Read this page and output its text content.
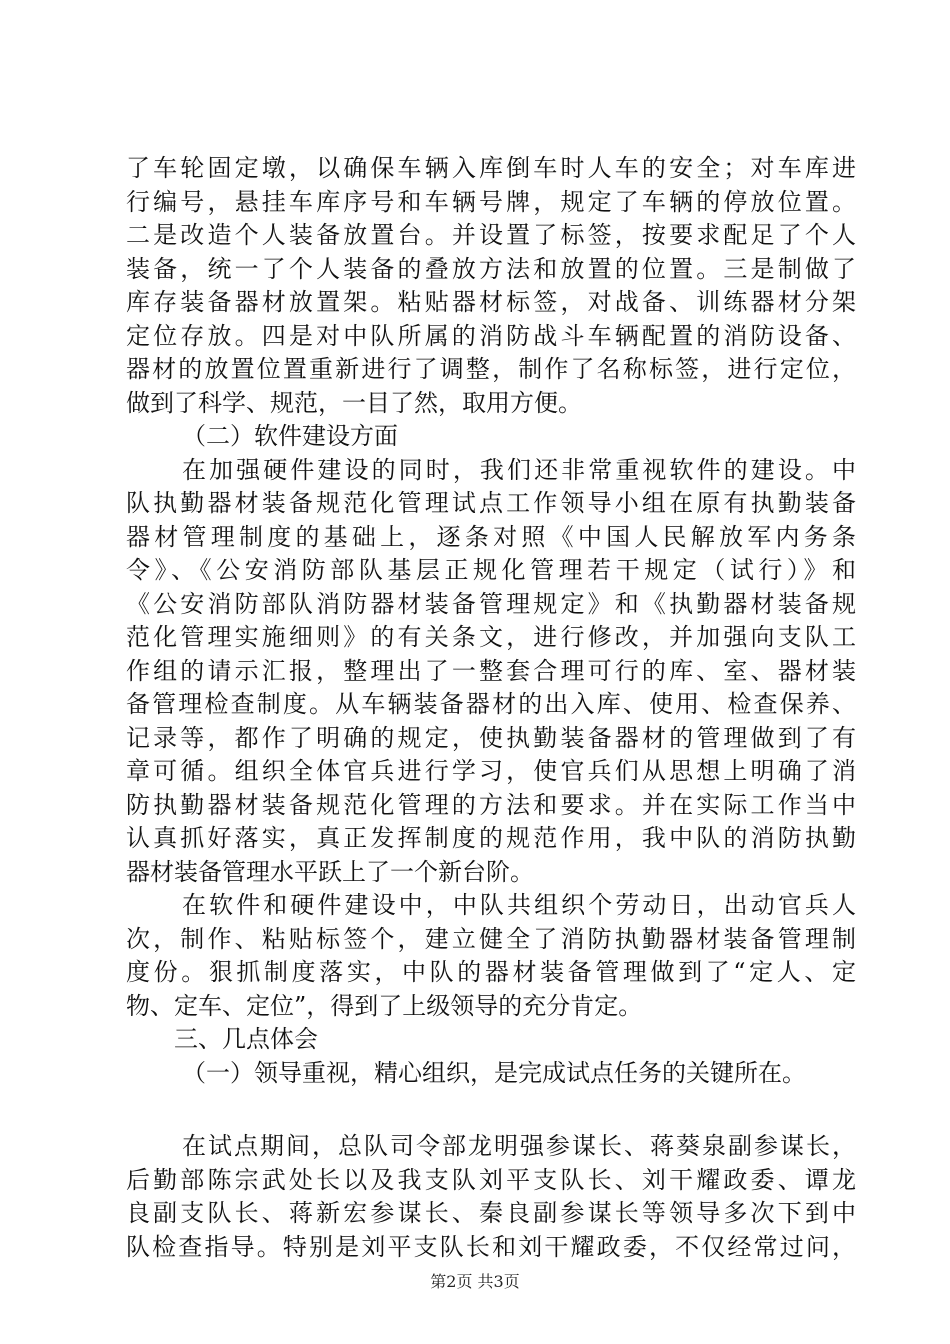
了车轮固定墩，以确保车辆入库倒车时人车的安全；对车库进
行编号，悬挂车库序号和车辆号牌，规定了车辆的停放位置。
二是改造个人装备放置台。并设置了标签，按要求配足了个人
装备，统一了个人装备的叠放方法和放置的位置。三是制做了
库存装备器材放置架。粘贴器材标签，对战备、训练器材分架
定位存放。四是对中队所属的消防战斗车辆配置的消防设备、
器材的放置位置重新进行了调整，制作了名称标签，进行定位，
做到了科学、规范，一目了然，取用方便。
（二）软件建设方面
在加强硬件建设的同时，我们还非常重视软件的建设。中
队执勤器材装备规范化管理试点工作领导小组在原有执勤装备
器材管理制度的基础上，逐条对照《中国人民解放军内务条
令》、《公安消防部队基层正规化管理若干规定（试行）》和
《公安消防部队消防器材装备管理规定》和《执勤器材装备规
范化管理实施细则》的有关条文，进行修改，并加强向支队工
作组的请示汇报，整理出了一整套合理可行的库、室、器材装
备管理检查制度。从车辆装备器材的出入库、使用、检查保养、
记录等，都作了明确的规定，使执勤装备器材的管理做到了有
章可循。组织全体官兵进行学习，使官兵们从思想上明确了消
防执勤器材装备规范化管理的方法和要求。并在实际工作当中
认真抓好落实，真正发挥制度的规范作用，我中队的消防执勤
器材装备管理水平跃上了一个新台阶。
在软件和硬件建设中，中队共组织个劳动日，出动官兵人
次，制作、粘贴标签个，建立健全了消防执勤器材装备管理制
度份。狠抓制度落实，中队的器材装备管理做到了“定人、定
物、定车、定位”，得到了上级领导的充分肯定。
三、几点体会
（一）领导重视，精心组织，是完成试点任务的关键所在。
在试点期间，总队司令部龙明强参谋长、蒋葵泉副参谋长，
后勤部陈宗武处长以及我支队刘平支队长、刘干耀政委、谭龙
良副支队长、蒋新宏参谋长、秦良副参谋长等领导多次下到中
队检查指导。特别是刘平支队长和刘干耀政委，不仅经常过问，
第2页 共3页
